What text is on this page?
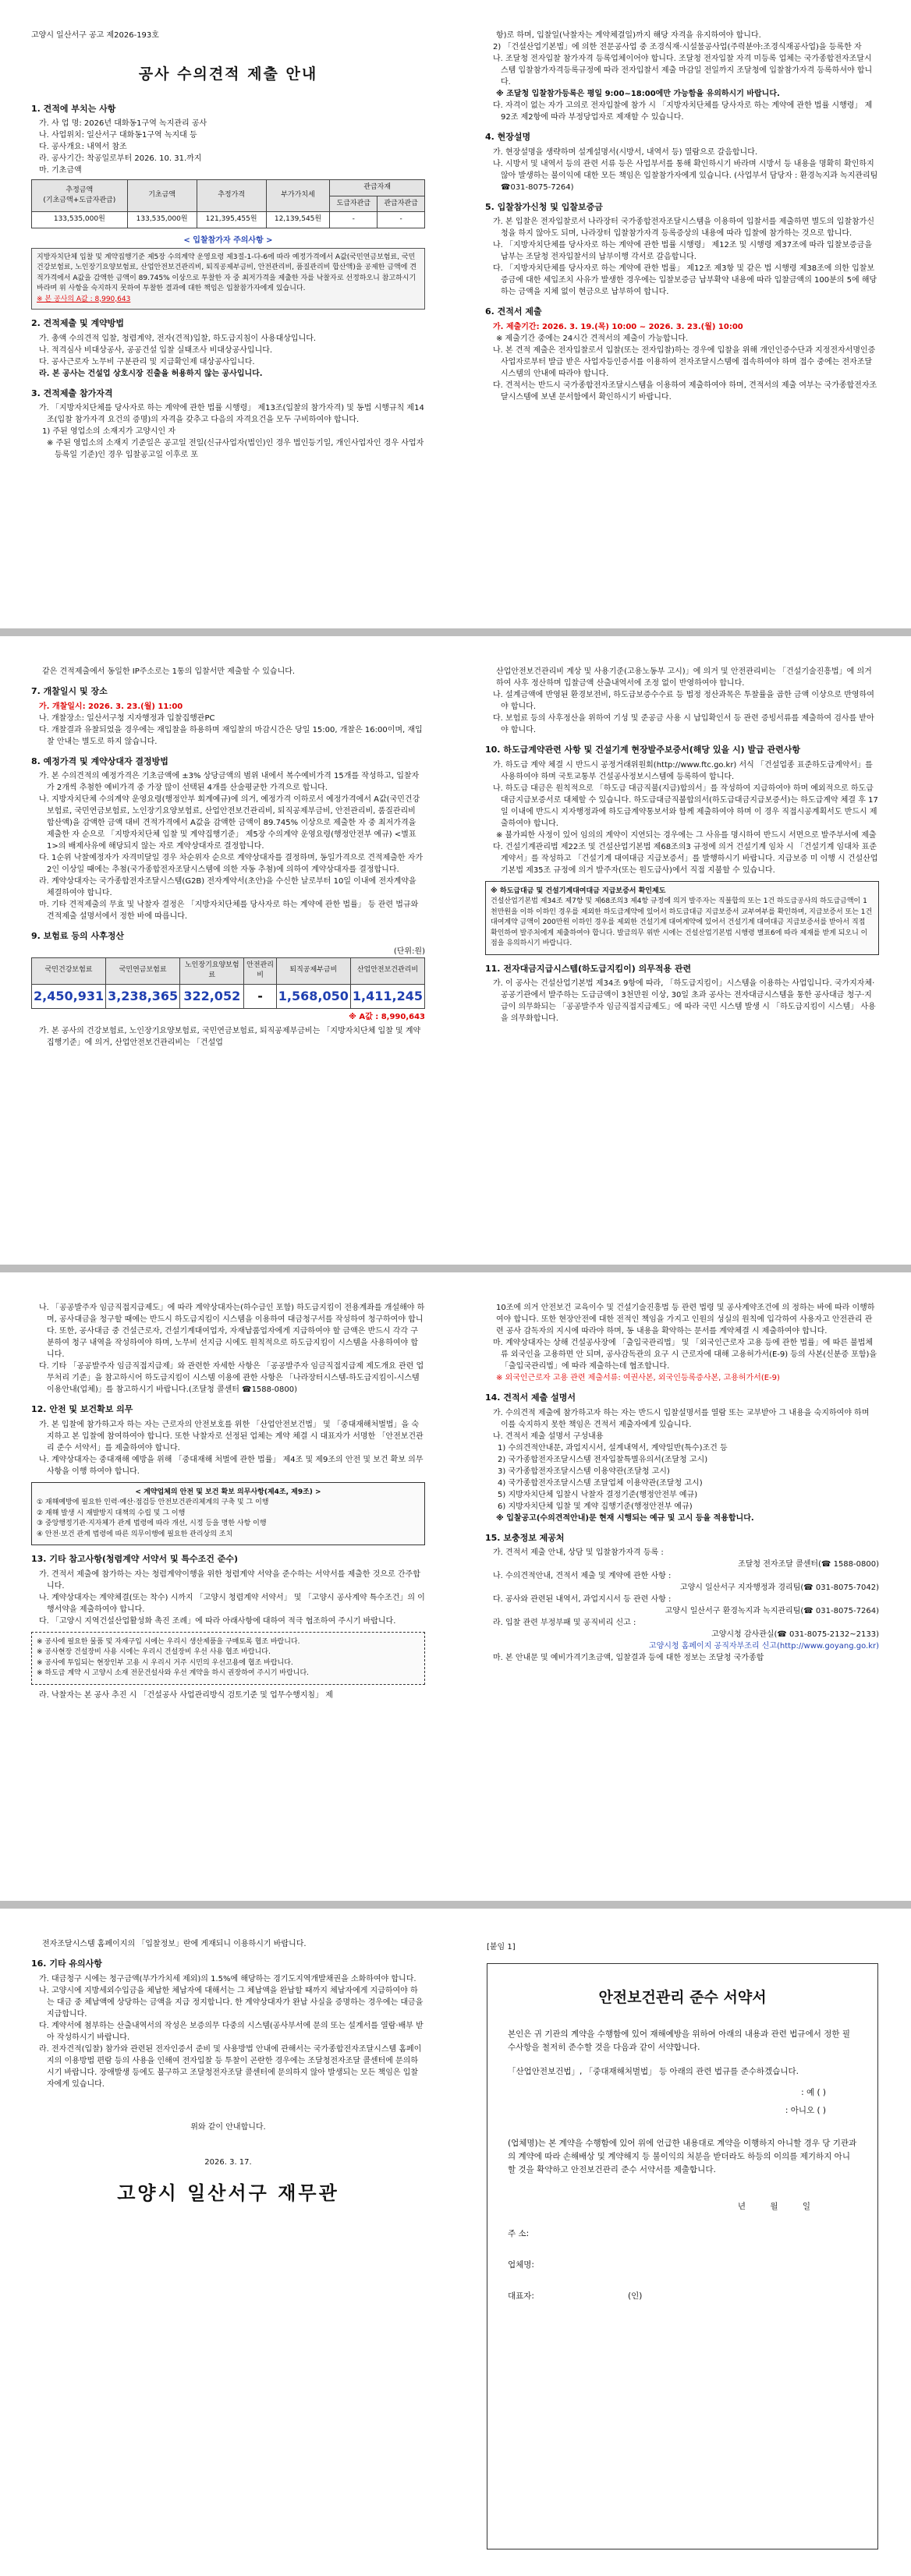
고양시 일산서구 공고 제2026-193호
공사 수의견적 제출 안내
1. 견적에 부치는 사항
가. 사 업 명: 2026년 대화동1구역 녹지관리 공사
나. 사업위치: 일산서구 대화동1구역 녹지대 등
다. 공사개요: 내역서 참조
라. 공사기간: 착공일로부터 2026. 10. 31.까지
마. 기초금액
추정금액
(기초금액+도급자관급)	기초금액	추정가격	부가가치세	관급자재	
				도급자관급	관급자관급
133,535,000원	133,535,000원	121,395,455원	12,139,545원	-	-
< 입찰참가자 주의사항 >
지방자치단체 입찰 및 계약집행기준 제5장 수의계약 운영요령 제3절-1-다-6에 따라 예정가격에서 A값(국민연금보험료, 국민건강보험료, 노인장기요양보험료, 산업안전보건관리비, 퇴직공제부금비, 안전관리비, 품질관리비 합산액)을 공제한 금액에 견적가격에서 A값을 감액한 금액이 89.745% 이상으로 투찰한 자 중 최저가격을 제출한 자를 낙찰자로 선정하오니 참고하시기 바라며 위 사항을 숙지하지 못하여 투찰한 결과에 대한 책임은 입찰참가자에게 있습니다.
※ 본 공사의 A값 : 8,990,643
2. 견적제출 및 계약방법
가. 총액 수의견적 입찰, 청렴계약, 전자(견적)입찰, 하도급지침이 사용대상입니다.
나. 적격심사 비대상공사, 공공건설 입찰 실태조사 비대상공사입니다.
다. 공사근로자 노무비 구분관리 및 지급확인제 대상공사입니다.
라. 본 공사는 건설업 상호시장 진출을 허용하지 않는 공사입니다.
3. 견적제출 참가자격
가. 「지방자치단체를 당사자로 하는 계약에 관한 법률 시행령」 제13조(입찰의 참가자격) 및 동법 시행규칙 제14조(입찰 참가자격 요건의 증명)의 자격을 갖추고 다음의 자격요건을 모두 구비하여야 합니다.
1) 주된 영업소의 소재지가 고양시인 자
※ 주된 영업소의 소재지 기준일은 공고일 전일(신규사업자(법인)인 경우 법인등기일, 개인사업자인 경우 사업자등록일 기준)인 경우 입찰공고일 이후로 포
항)로 하며, 입찰일(낙찰자는 계약체결일)까지 해당 자격을 유지하여야 합니다.
2) 「건설산업기본법」에 의한 전문공사업 중 조경식재·시설물공사업(주력분야:조경식재공사업)을 등록한 자
나. 조달청 전자입찰 참가자격 등록업체이어야 합니다. 조달청 전자입찰 자격 미등록 업체는 국가종합전자조달시스템 입찰참가자격등록규정에 따라 전자입찰서 제출 마감일 전일까지 조달청에 입찰참가자격 등록하셔야 합니다.
※ 조달청 입찰참가등록은 평일 9:00~18:00에만 가능함을 유의하시기 바랍니다.
다. 자격이 없는 자가 고의로 전자입찰에 참가 시 「지방자치단체를 당사자로 하는 계약에 관한 법률 시행령」 제92조 제2항에 따라 부정당업자로 제재할 수 있습니다.
4. 현장설명
가. 현장설명을 생략하며 설계설명서(시방서, 내역서 등) 열람으로 갈음합니다.
나. 시방서 및 내역서 등의 관련 서류 등은 사업부서를 통해 확인하시기 바라며 시방서 등 내용을 명확히 확인하지 않아 발생하는 불이익에 대한 모든 책임은 입찰참가자에게 있습니다. (사업부서 담당자 : 환경녹지과 녹지관리팀 ☎031-8075-7264)
5. 입찰참가신청 및 입찰보증금
가. 본 입찰은 전자입찰로서 나라장터 국가종합전자조달시스템을 이용하여 입찰서를 제출하면 별도의 입찰참가신청을 하지 않아도 되며, 나라장터 입찰참가자격 등록증상의 내용에 따라 입찰에 참가하는 것으로 합니다.
나. 「지방자치단체를 당사자로 하는 계약에 관한 법률 시행령」 제12조 및 시행령 제37조에 따라 입찰보증금을 납부는 조달청 전자입찰서의 납부이행 각서로 갈음합니다.
다. 「지방자치단체를 당사자로 하는 계약에 관한 법률」 제12조 제3항 및 같은 법 시행령 제38조에 의한 입찰보증금에 대한 세입조치 사유가 발생한 경우에는 입찰보증금 납부확약 내용에 따라 입찰금액의 100분의 5에 해당하는 금액을 지체 없이 현금으로 납부하여 합니다.
6. 견적서 제출
가. 제출기간: 2026. 3. 19.(목) 10:00 ~ 2026. 3. 23.(월) 10:00
※ 제출기간 중에는 24시간 견적서의 제출이 가능합니다.
나. 본 견적 제출은 전자입찰로서 입찰(또는 전자입찰)하는 경우에 입찰을 위해 개인인증수단과 지정전자서명인증사업자로부터 발급 받은 사업자등인증서를 이용하여 전자조달시스템에 접속하여야 하며 접수 중에는 전자조달시스템의 안내에 따라야 합니다.
다. 견적서는 반드시 국가종합전자조달시스템을 이용하여 제출하여야 하며, 견적서의 제출 여부는 국가종합전자조달시스템에 보낸 문서함에서 확인하시기 바랍니다.
같은 견적제출에서 동일한 IP주소로는 1통의 입찰서만 제출할 수 있습니다.
7. 개찰일시 및 장소
가. 개찰일시: 2026. 3. 23.(월) 11:00
나. 개찰장소: 일산서구청 지자행정과 입찰집행관PC
다. 개찰결과 유찰되었을 경우에는 재입찰을 하용하며 재입찰의 마감시간은 당일 15:00, 개찰은 16:00이며, 재입찰 안내는 별도로 하지 않습니다.
8. 예정가격 및 계약상대자 결정방법
가. 본 수의견적의 예정가격은 기초금액에 ±3% 상당금액의 범위 내에서 복수예비가격 15개를 작성하고, 입찰자가 2개씩 추첨한 예비가격 중 가장 많이 선택된 4개를 산술평균한 가격으로 합니다.
나. 지방자치단체 수의계약 운영요령(행정안부 회계예규)에 의거, 예정가격 이하로서 예정가격에서 A값(국민건강보험료, 국민연금보험료, 노인장기요양보험료, 산업안전보건관리비, 퇴직공제부금비, 안전관리비, 품질관리비 합산액)을 감액한 금액 대비 견적가격에서 A값을 감액한 금액이 89.745% 이상으로 제출한 자 중 최저가격을 제출한 자 순으로 「지방자치단체 입찰 및 계약집행기준」 제5장 수의계약 운영요령(행정안전부 예규) <별표1>의 배제사유에 해당되지 않는 자로 계약상대자로 결정합니다.
다. 1순위 낙찰예정자가 자격미달일 경우 차순위자 순으로 계약상대자를 결정하며, 동일가격으로 견적제출한 자가 2인 이상일 때에는 추첨(국가종합전자조달시스템에 의한 자동 추첨)에 의하여 계약상대자를 결정합니다.
라. 계약상대자는 국가종합전자조달시스템(G2B) 전자계약서(초안)을 수신한 날로부터 10일 이내에 전자계약을 체결하여야 합니다.
마. 기타 견적제출의 무효 및 낙찰자 결정은 「지방자치단체를 당사자로 하는 계약에 관한 법률」 등 관련 법규와 견적제출 설명서에서 정한 바에 따릅니다.
9. 보험료 등의 사후정산
(단위:원)
국민건강보험료	국민연금보험료	노인장기요양보험료	안전관리비	퇴직공제부금비	산업안전보건관리비
2,450,931	3,238,365	322,052	-	1,568,050	1,411,245
※ A값 : 8,990,643
가. 본 공사의 건강보험료, 노인장기요양보험료, 국민연금보험료, 퇴직공제부금비는 「지방자치단체 입찰 및 계약집행기준」에 의거, 산업안전보건관리비는 「건설업
산업안전보건관리비 계상 및 사용기준(고용노동부 고시)」에 의거 및 안전관리비는 「건설기술진흥법」에 의거하여 사후 정산하며 입찰금액 산출내역서에 조정 없이 반영하여야 합니다.
나. 설계금액에 반영된 환경보전비, 하도급보증수수료 등 법정 정산과목은 투찰률을 곱한 금액 이상으로 반영하여야 합니다.
다. 보험료 등의 사후정산을 위하여 기성 및 준공금 사용 시 납입확인서 등 관련 증빙서류를 제출하여 검사를 받아야 합니다.
10. 하도급계약관련 사항 및 건설기계 현장발주보증서(해당 있을 시) 발급 관련사항
가. 하도급 계약 체결 시 반드시 공정거래위원회(http://www.ftc.go.kr) 서식 「건설업종 표준하도급계약서」를 사용하여야 하며 국토교통부 건설공사정보시스템에 등록하여 합니다.
나. 하도급 대금은 원칙적으로 「하도급 대금직불(지급)합의서」를 작성하여 지급하여야 하며 예외적으로 하도급대금지급보증서로 대체할 수 있습니다. 하도급대금직불합의서(하도급대금지급보증서)는 하도급계약 체결 후 17일 이내에 반드시 지자행정과에 하도급계약통보서와 함께 제출하여야 하며 이 경우 직접시공계획서도 반드시 제출하여야 합니다.
※ 불가피한 사정이 있어 임의의 계약이 지연되는 경우에는 그 사유를 명시하여 반드시 서면으로 발주부서에 제출
다. 건설기계관리법 제22조 및 건설산업기본법 제68조의3 규정에 의거 건설기계 임차 시 「건설기계 임대차 표준계약서」를 작성하고 「건설기계 대여대금 지급보증서」를 발행하시기 바랍니다. 지급보증 미 이행 시 건설산업기본법 제35조 규정에 의거 발주자(또는 원도급사)에서 직접 지불할 수 있습니다.
※ 하도급대금 및 건설기계대여대금 지급보증서 확인제도
건설산업기본법 제34조 제7항 및 제68조의3 제4항 규정에 의거 발주자는 직불합의 또는 1건 하도급공사의 하도급금액이 1천만원을 이하 이하인 경우를 제외한 하도급계약에 있어서 하도급대금 지급보증서 교부여부를 확인하며, 지급보증서 또는 1건 대여계약 금액이 200만원 이하인 경우를 제외한 건설기계 대여계약에 있어서 건설기계 대여대금 지급보증서를 받아서 직접 확인하여 발주처에게 제출하여야 합니다. 발급의무 위반 시에는 건설산업기본법 시행령 별표6에 따라 제재를 받게 되오니 이점을 유의하시기 바랍니다.
11. 전자대금지급시스템(하도급지킴이) 의무적용 관련
가. 이 공사는 건설산업기본법 제34조 9항에 따라, 「하도급지킴이」시스템을 이용하는 사업입니다. 국가지자체·공공기관에서 발주하는 도급금액이 3천만원 이상, 30일 초과 공사는 전자대금시스템을 통한 공사대금 청구·지급이 의무화되는 「공공발주자 임금직접지급제도」에 따라 국민 시스템 발생 시 「하도급지킴이 시스템」 사용을 의무화합니다.
나. 「공공발주자 임금직접지급제도」에 따라 계약상대자는(하수급인 포함) 하도급지킴이 전용계좌를 개설해야 하며, 공사대금을 청구할 때에는 반드시 하도급지킴이 시스템을 이용하여 대금청구서를 작성하여 청구하여야 합니다. 또한, 공사대금 중 건설근로자, 건설기계대여업자, 자재납품업자에게 지급하여야 할 금액은 반드시 각각 구분하여 청구 내역을 작성하여야 하며, 노무비 선지급 시에도 원칙적으로 하도급지킴이 시스템을 사용하여야 합니다.
다. 기타 「공공발주자 임금직접지급제」와 관련한 자세한 사항은 「공공발주자 임금직접지급제 제도개요 관련 업무처리 기준」을 참고하시어 하도급지킴이 시스템 이용에 관한 사항은 「나라장터시스템-하도급지킴이-시스템이용안내(업체)」를 참고하시기 바랍니다.(조달청 콜센터 ☎1588-0800)
12. 안전 및 보건확보 의무
가. 본 입찰에 참가하고자 하는 자는 근로자의 안전보호를 위한 「산업안전보건법」 및 「중대재해처벌법」을 숙지하고 본 입찰에 참여하여야 합니다. 또한 낙찰자로 선정된 업체는 계약 체결 시 대표자가 서명한 「안전보건관리 준수 서약서」를 제출하여야 합니다.
나. 계약상대자는 중대재해 예방을 위해 「중대재해 처벌에 관한 법률」 제4조 및 제9조의 안전 및 보건 확보 의무사항을 이행 하여야 합니다.
< 계약업체의 안전 및 보건 확보 의무사항(제4조, 제9조) >
① 재해예방에 필요한 인력·예산·점검등 안전보건관리체계의 구축 및 그 이행
② 재해 발생 시 재발방지 대책의 수립 및 그 이행
③ 중앙행정기관·지자체가 관계 법령에 따라 개선, 시정 등을 명한 사항 이행
④ 안전·보건 관계 법령에 따른 의무이행에 필요한 관리상의 조치
13. 기타 참고사항(청렴계약 서약서 및 특수조건 준수)
가. 견적서 제출에 참가하는 자는 청렴계약이행을 위한 청렴계약 서약을 준수하는 서약서를 제출한 것으로 간주합니다.
나. 계약상대자는 계약체결(또는 착수) 시까지 「고양시 청렴계약 서약서」 및 「고양시 공사계약 특수조건」의 이행서약을 제출하여야 합니다.
다. 「고양시 지역건설산업활성화 촉진 조례」에 따라 아래사항에 대하여 적극 협조하여 주시기 바랍니다.
※ 공사에 필요한 물품 및 자재구입 시에는 우리시 생산제품을 구매토록 협조 바랍니다.
※ 공사현장 건설장비 사용 시에는 우리시 건설장비 우선 사용 협조 바랍니다.
※ 공사에 투입되는 현장인부 고용 시 우리시 거주 시민의 우선고용에 협조 바랍니다.
※ 하도급 계약 시 고양시 소재 전문건설사와 우선 계약을 하시 권장하여 주시기 바랍니다.
라. 낙찰자는 본 공사 추진 시 「건설공사 사업관리방식 검토기준 및 업무수행지침」 제
10조에 의거 안전보건 교육이수 및 건설기술진흥법 등 관련 법령 및 공사계약조건에 의 정하는 바에 따라 이행하여야 합니다. 또한 현장안전에 대한 전적인 책임을 가지고 인원의 성실의 원칙에 입각하여 사용자고 안전관리 관련 공사 감독자의 지시에 따라야 하며, 동 내용을 확약하는 문서를 계약체결 시 제출하여야 합니다.
마. 계약상대자는 상해 건설공사장에 「출입국관리법」 및 「외국인근로자 고용 등에 관한 법률」에 따른 불법체류 외국인을 고용하면 안 되며, 공사감독관의 요구 시 근로자에 대해 고용허가서(E-9) 등의 사본(신분증 포함)을 「출입국관리법」에 따라 제출하는데 협조합니다.
※ 외국인근로자 고용 관련 제출서류: 여권사본, 외국인등록증사본, 고용허가서(E-9)
14. 견적서 제출 설명서
가. 수의견적 제출에 참가하고자 하는 자는 반드시 입찰설명서를 열람 또는 교부받아 그 내용을 숙지하여야 하며 이를 숙지하지 못한 책임은 견적서 제출자에게 있습니다.
나. 견적서 제출 설명서 구성내용
1) 수의견적안내문, 과업지시서, 설계내역서, 계약일반(특수)조건 등
2) 국가종합전자조달시스템 전자입찰특별유의서(조달청 고시)
3) 국가종합전자조달시스템 이용약관(조달청 고시)
4) 국가종합전자조달시스템 조달업체 이용약관(조달청 고시)
5) 지방자치단체 입찰시 낙찰자 결정기준(행정안전부 예규)
6) 지방자치단체 입찰 및 계약 집행기준(행정안전부 예규)
※ 입찰공고(수의견적안내)문 현재 시행되는 예규 및 고시 등을 적용합니다.
15. 보충정보 제공처
가. 견적서 제출 안내, 상담 및 입찰참가자격 등록 :
조달청 전자조달 콜센터(☎ 1588-0800)
나. 수의견적안내, 견적서 제출 및 계약에 관한 사항 :
고양시 일산서구 지자행정과 경리팀(☎ 031-8075-7042)
다. 공사와 관련된 내역서, 과업지시서 등 관련 사항 :
고양시 일산서구 환경녹지과 녹지관리팀(☎ 031-8075-7264)
라. 입찰 관련 부정부패 및 공직비리 신고 :
고양시청 감사관실(☎ 031-8075-2132~2133)
고양시청 홈페이지 공직자부조리 신고(http://www.goyang.go.kr)
마. 본 안내문 및 예비가격기초금액, 입찰결과 등에 대한 정보는 조달청 국가종합
전자조달시스템 홈페이지의 「입찰정보」란에 게재되니 이용하시기 바랍니다.
16. 기타 유의사항
가. 대금청구 시에는 청구금액(부가가치세 제외)의 1.5%에 해당하는 경기도지역개발채권을 소화하여야 합니다.
나. 고양시에 지방세외수입금을 체납한 체납자에 대해서는 그 체납액을 완납할 때까지 체납자에게 지급하여야 하는 대금 중 체납액에 상당하는 금액을 지급 정지합니다. 한 계약상대자가 완납 사실을 증명하는 경우에는 대금을 지급합니다.
다. 계약서에 첨부하는 산출내역서의 작성은 보증의무 다중의 시스템(공사부서에 문의 또는 설계서를 열람·배부 받아 작성하시기 바랍니다.
라. 전자견적(입찰) 참가와 관련된 전자인증서 준비 및 사용방법 안내에 관해서는 국가종합전자조달시스템 홈페이지의 이용방법 편람 등의 사용을 인해여 전자입찰 등 투찰이 곤란한 경우에는 조달청전자조달 콜센터에 문의하시기 바랍니다. 장애발생 등에도 불구하고 조달청전자조달 콜센터에 문의하지 않아 발생되는 모든 책임은 입찰자에게 있습니다.
위와 같이 안내합니다.
2026. 3. 17.
고양시 일산서구 재무관
[붙임 1]
안전보건관리 준수 서약서
본인은 귀 기관의 계약을 수행함에 있어 재해예방을 위하여 아래의 내용과 관련 법규에서 정한 필수사항을 철저히 준수할 것을 다음과 같이 서약합니다.
「산업안전보건법」, 「중대재해처벌법」 등 아래의 관련 법규를 준수하겠습니다.
: 예 ( )
: 아니오 ( )
(업체명)는 본 계약을 수행함에 있어 위에 언급한 내용대로 계약을 이행하지 아니할 경우 당 기관과의 계약에 따라 손해배상 및 계약해지 등 불이익의 처분을 받더라도 하등의 이의를 제기하지 아니할 것을 확약하고 안전보건관리 준수 서약서를 제출합니다.
년 월 일
주 소:
업체명:
대표자:	(인)
